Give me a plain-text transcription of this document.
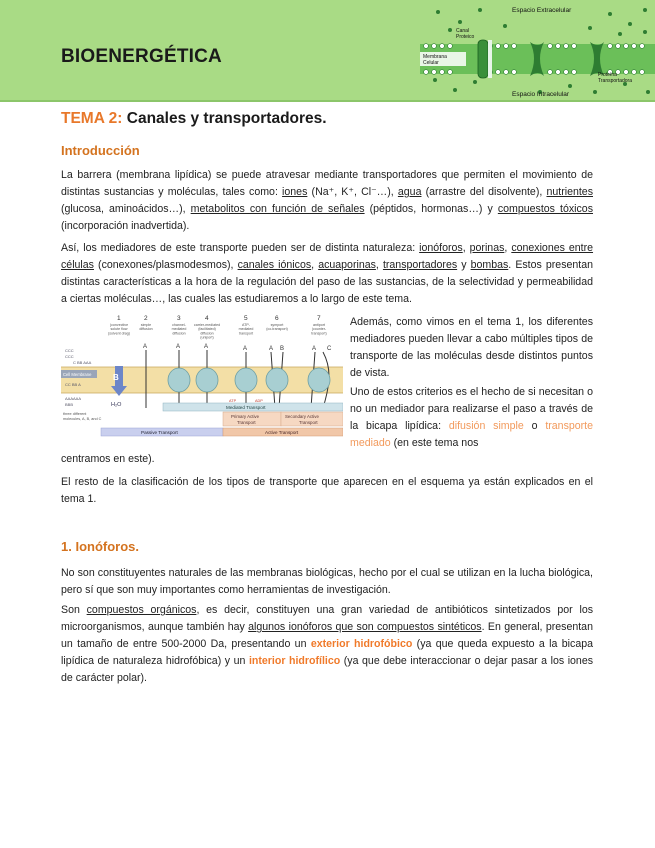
BIOENERGÉTICA
Espacio Extracelular
Espacio Intracelular
Canal
Proteico
Membrana
Celular
Proteína
Transportadora
TEMA 2: Canales y transportadores.
Introducción

La barrera (membrana lipídica) se puede atravesar mediante transportadores que permiten el movimiento de distintas sustancias y moléculas, tales como: iones (Na⁺, K⁺, Cl⁻…), agua (arrastre del disolvente), nutrientes (glucosa, aminoácidos…), metabolitos con función de señales (péptidos, hormonas…) y compuestos tóxicos (incorporación inadvertida).

Así, los mediadores de este transporte pueden ser de distinta naturaleza: ionóforos, porinas, conexiones entre células (conexones/plasmodesmos), canales iónicos, acuaporinas, transportadores y bombas. Estos presentan distintas características a la hora de la regulación del paso de las sustancias, de la selectividad y permeabilidad a ciertas moléculas…, las cuales las estudiaremos a lo largo de este tema.

1	2	3	4	5	6	7
(convective
solute flow
(solvent drag)
simple
diffusion
channel-
mediated
diffusion
carrier-mediated
(facilitated)
diffusion
(uniport)
ATP-
mediated
transport
symport
(co-transport)
antiport
(counter-
transport)
Cell Membrane
CCC
CCC
C BB AAA
CC BB A
AAAAAA
BBB
three different
molecules, A, B, and C
B
H₂O
A	A	A	A	A B	A C
ATP	ADP
Mediated Transport
Primary Active
Transport
Secondary Active
Transport
Passive Transport	Active Transport

Además, como vimos en el tema 1, los diferentes mediadores pueden llevar a cabo múltiples tipos de transporte de las moléculas desde distintos puntos de vista.

Uno de estos criterios es el hecho de si necesitan o no un mediador para realizarse el paso a través de la bicapa lipídica: difusión simple o transporte mediado (en este tema nos

centramos en este).

El resto de la clasificación de los tipos de transporte que aparecen en el esquema ya están explicados en el tema 1.

1. Ionóforos.

No son constituyentes naturales de las membranas biológicas, hecho por el cual se utilizan en la lucha biológica, pero sí que son muy importantes como herramientas de investigación.

Son compuestos orgánicos, es decir, constituyen una gran variedad de antibióticos sintetizados por los microorganismos, aunque también hay algunos ionóforos que son compuestos sintéticos. En general, presentan un tamaño de entre 500-2000 Da, presentando un exterior hidrofóbico (ya que queda expuesto a la bicapa lipídica de naturaleza hidrofóbica) y un interior hidrofílico (ya que debe interaccionar o dejar pasar a los iones de carácter polar).
